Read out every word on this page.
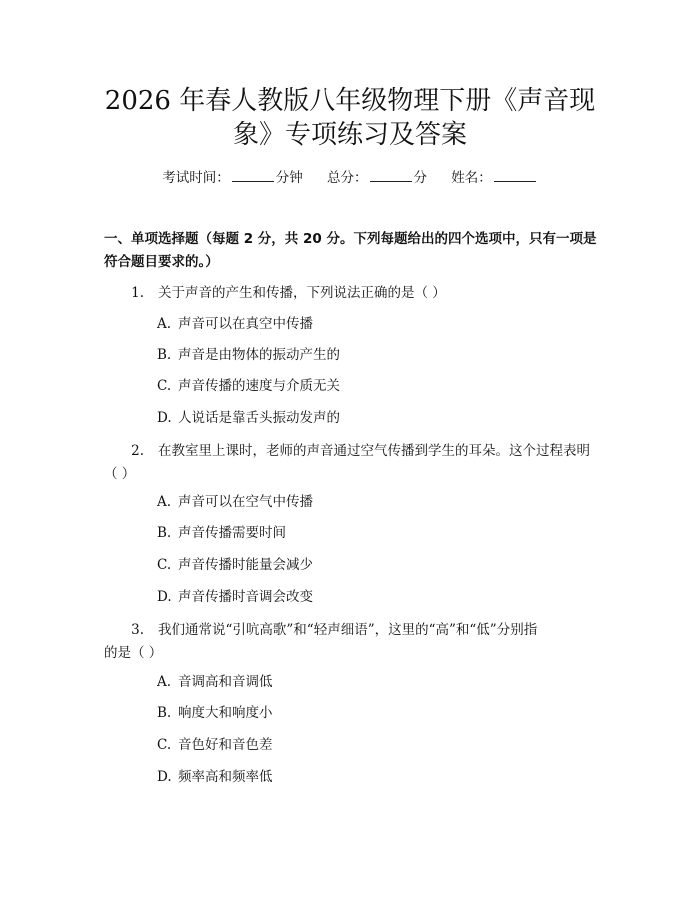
2026 年春人教版八年级物理下册《声音现
象》专项练习及答案
考试时间：	分钟 总分：	分 姓名：
一、单项选择题（每题 2 分，共 20 分。下列每题给出的四个选项中，只有一项是
符合题目要求的。）
1. 关于声音的产生和传播，下列说法正确的是（ ）
A. 声音可以在真空中传播
B. 声音是由物体的振动产生的
C. 声音传播的速度与介质无关
D. 人说话是靠舌头振动发声的
2. 在教室里上课时，老师的声音通过空气传播到学生的耳朵。这个过程表明
（ ）
A. 声音可以在空气中传播
B. 声音传播需要时间
C. 声音传播时能量会减少
D. 声音传播时音调会改变
3. 我们通常说“引吭高歌”和“轻声细语”，这里的“高”和“低”分别指
的是（ ）
A. 音调高和音调低
B. 响度大和响度小
C. 音色好和音色差
D. 频率高和频率低
